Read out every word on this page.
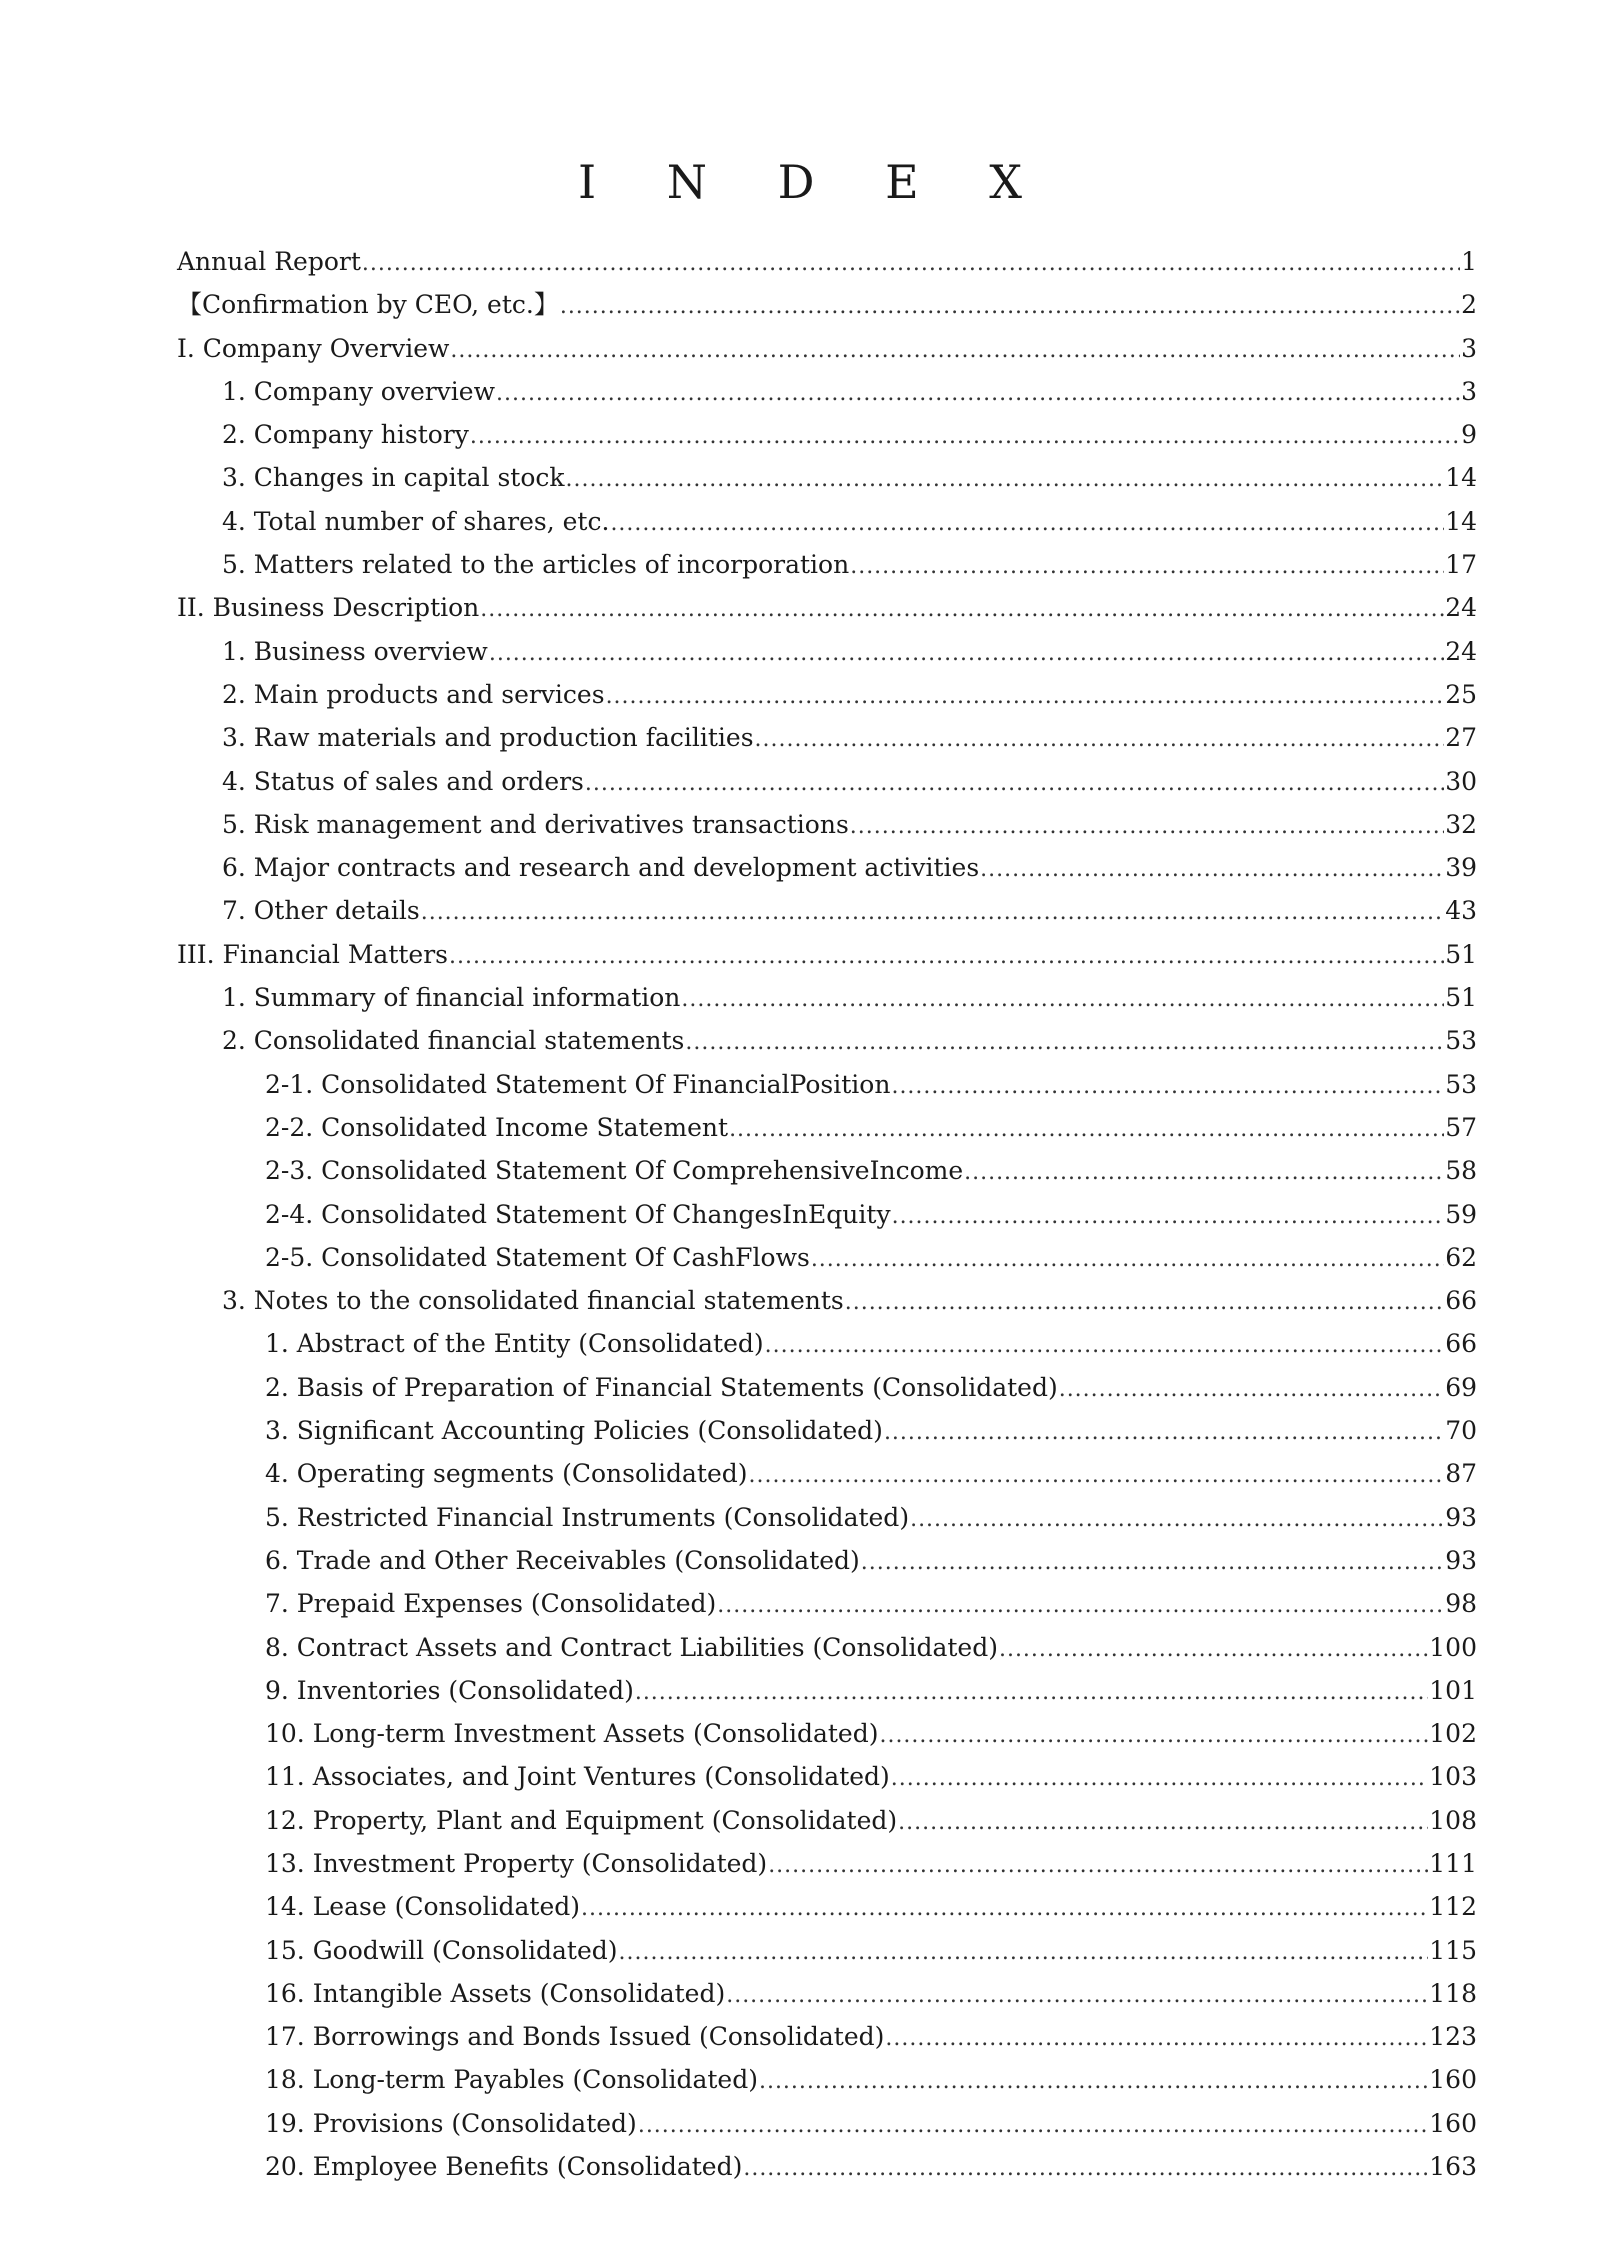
I N D E X
Annual Report . . .	1
【Confirmation by CEO, etc.】 . . .	2
I. Company Overview . . .	3
1. Company overview . . .	3
2. Company history . . .	9
3. Changes in capital stock . . .	14
4. Total number of shares, etc. . . .	14
5. Matters related to the articles of incorporation . . .	17
II. Business Description . . .	24
1. Business overview . . .	24
2. Main products and services . . .	25
3. Raw materials and production facilities . . .	27
4. Status of sales and orders . . .	30
5. Risk management and derivatives transactions . . .	32
6. Major contracts and research and development activities . . .	39
7. Other details . . .	43
III. Financial Matters . . .	51
1. Summary of financial information . . .	51
2. Consolidated financial statements . . .	53
2-1. Consolidated Statement Of FinancialPosition . . .	53
2-2. Consolidated Income Statement . . .	57
2-3. Consolidated Statement Of ComprehensiveIncome . . .	58
2-4. Consolidated Statement Of ChangesInEquity . . .	59
2-5. Consolidated Statement Of CashFlows . . .	62
3. Notes to the consolidated financial statements . . .	66
1. Abstract of the Entity (Consolidated) . . .	66
2. Basis of Preparation of Financial Statements (Consolidated) . . .	69
3. Significant Accounting Policies (Consolidated) . . .	70
4. Operating segments (Consolidated) . . .	87
5. Restricted Financial Instruments (Consolidated) . . .	93
6. Trade and Other Receivables (Consolidated) . . .	93
7. Prepaid Expenses (Consolidated) . . .	98
8. Contract Assets and Contract Liabilities (Consolidated) . . .	100
9. Inventories (Consolidated) . . .	101
10. Long-term Investment Assets (Consolidated) . . .	102
11. Associates, and Joint Ventures (Consolidated) . . .	103
12. Property, Plant and Equipment (Consolidated) . . .	108
13. Investment Property (Consolidated) . . .	111
14. Lease (Consolidated) . . .	112
15. Goodwill (Consolidated) . . .	115
16. Intangible Assets (Consolidated) . . .	118
17. Borrowings and Bonds Issued (Consolidated) . . .	123
18. Long-term Payables (Consolidated) . . .	160
19. Provisions (Consolidated) . . .	160
20. Employee Benefits (Consolidated) . . .	163
